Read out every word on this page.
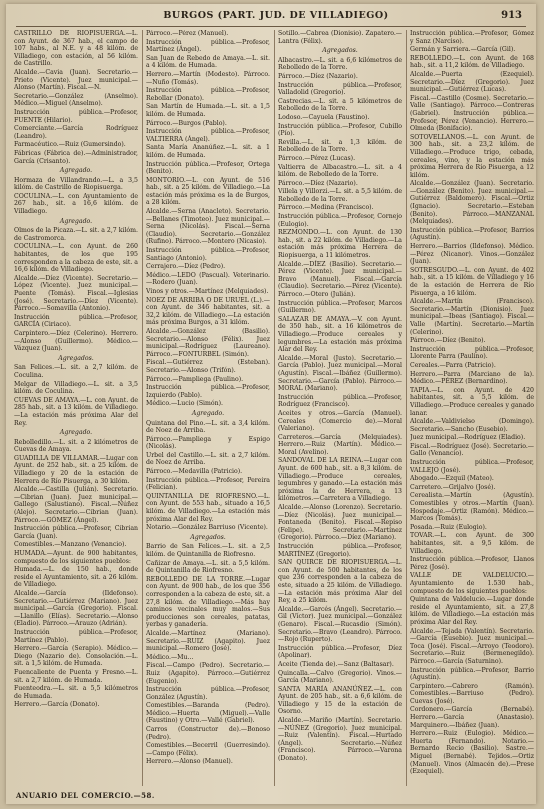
BURGOS (PART. JUD. DE VILLADIEGO)	913

CASTRILLO DE RIOPISUERGA.—L. con Ayunt. de 367 hab., el campo de 107 habs., al N.E. y a 48 kilóm. de Villadiego, con estación, al 56 kilóm. de Castrillo.

Alcalde.—Cavia (Juan). Secretario.—Prieto (Vicente). Juez municipal.—Alonso (Martín). Fiscal.—N.

Secretario.—González (Anselmo). Médico.—Miguel (Anselmo).

Instrucción pública.—Profesor, FUENTE (Hilario).

Comerciante.—García Rodríguez (Leandro).

Farmacéutico.—Ruiz (Gumersindo).

Fábricas (Fábrica de).—Administrador, García (Crisanto).

Agregado.

Hormaza de Villandrando.—L. a 3,5 kilóm. de Castrillo de Riopisuerga.

COCULINA.—L. con Ayuntamiento de 267 hab., sit. a 16,6 kilóm. de Villadiego.

Agregado.

Olmos de la Picaza.—L. sit. a 2,7 kilóm. de Castromorca.

COCULINA.—L. con Ayunt. de 260 habitantes, de los que 195 corresponden a la cabeza de este, sit. a 16,6 kilóm. de Villadiego.

Alcalde.—Díez (Vicente). Secretario.—López (Vicente). Juez municipal.—Puente (Tomás). Fiscal.—Iglesias (José). Secretario.—Díez (Vicente). Párroco.—Somavilla (Antonio).

Instrucción pública.—Profesor, GARCÍA (Ciriaco).

Carpintero.—Díez (Celerino). Herrero.—Alonso (Guillermo). Médico.—Vázquez (Juan).

Agregados.

San Felices.—L. sit. a 2,7 kilóm. de Coculina.

Melgar de Villadiego.—L. sit. a 3,5 kilóm. de Coculina.

CUEVAS DE AMAYA.—L. con Ayunt. de 285 hab., sit. a 13 kilóm. de Villadiego.—La estación más próxima Alar del Rey.

Agregado.

Rebolledillo.—L. sit. a 2 kilómetros de Cuevas de Amaya.

GUADILLA DE VILLAMAR.—Lugar con Ayunt. de 252 hab., sit. a 25 kilóm. de Villadiego y 20 de la estación de Herrera de Río Pisuerga, a 30 kilóm.

Alcalde.—Castilla (Julián). Secretario.—Cibrian (Juan). Juez municipal.—Gallego (Salustiano). Fiscal.—Núñez (Alejo). Secretario.—Cibrian (Juan). Párroco.—GÓMEZ (Ángel).

Instrucción pública.—Profesor, Cibrian García (Juan).

Comestibles.—Manzano (Venancio).

HUMADA.—Ayunt. de 900 habitantes, compuesto de los siguientes pueblos:

Humada.—L. de 150 hab., donde reside el Ayuntamiento, sit. a 26 kilóm. de Villadiego.

Alcalde.—García (Ildefonso). Secretario.—Gutiérrez (Mariano). Juez municipal.—García (Gregorio). Fiscal.—Llanillo (Elías). Secretario.—Alonso (Eladio). Párroco.—Arauzo (Adrián).

Instrucción pública.—Profesor, Martínez (Pablo).

Herrero.—García (Serapio). Médico.—Diego (Nazario de). Consolación.—L. sit. a 1,5 kilóm. de Humada.

Fuencaliente de Puenta y Fresno.—L. sit. a 2,7 kilóm. de Humada.

Fuenteodra.—L. sit. a 5,5 kilómetros de Humada.

Herrero.—García (Donato).

Párroco.—Pérez (Manuel).

Instrucción pública.—Profesor, Martínez (Ángel).

San Juan de Rebedo de Amaya.—L. sit. a 4 kilóm. de Humada.

Herrero.—Martín (Modesto). Párroco.—Nuño (Tomás).

Instrucción pública.—Profesor, Rebollar (Donato).

San Martín de Humada.—L. sit. a 1,5 kilóm. de Humada.

Párroco.—Burgos (Pablo).

Instrucción pública.—Profesor, VALTIERRA (Ángel).

Santa María Ananúñez.—L. sit. a 1 kilóm. de Humada.

Instrucción pública.—Profesor, Ortega (Benito).

MONTORIO.—L. con Ayunt. de 516 hab., sit. a 25 kilóm. de Villadiego.—La estación más próxima es la de Burgos, a 28 kilóm.

Alcalde.—Serna (Anacleto). Secretario.—Bellanes (Timoteo). Juez municipal.—Serna (Nicolás). Fiscal.—Serna (Claudio). Secretario.—González (Rufino). Párroco.—Montero (Nicasio).

Instrucción pública.—Profesor, Santiago (Antonio).

Cerrajero.—Díez (Pedro).

Médico.—LEDO (Pascual). Veterinario.—Rodero (Juan).

Vinos y otros.—Martínez (Melquiades).

NOEZ DE ARRIBA O DE URUEL (L.).—con Ayunt. de 346 habitantes, sit. a 32,2 kilóm. de Villadiego.—La estación más próxima Burgos, a 31 kilóm.

Alcalde.—González (Basilio). Secretario.—Alonso (Félix). Juez municipal.—Rodríguez (Laureano). Párroco.—FONTURBEL (Simón).

Fiscal.—Gutiérrez (Esteban). Secretario.—Alonso (Trifón).

Párroco.—Pampliega (Paulino).

Instrucción pública.—Profesor, Izquierdo (Pablo).

Médico.—Lucio (Simón).

Agregado.

Quintana del Pino.—L. sit. a 3,4 kilóm. de Noez de Arriba.

Párroco.—Pampliega y Espigo (Nicolás).

Urbel del Castillo.—L. sit. a 2,7 kilóm. de Noez de Arriba.

Párroco.—Medavilla (Patricio).

Instrucción pública.—Profesor, Pereira (Felician).

QUINTANILLA DE RIOFRESNO.—L. con Ayunt. de 553 hab., situado a 16,5 kilóm. de Villadiego.—La estación más próxima Alar del Rey.

Notario.—González Barriuso (Vicente).

Agregados.

Barrio de San Felices.—L. sit. a 2,5 kilóm. de Quintanilla de Riofresno.

Cañizar de Amaya.—L. sit. a 5,5 kilóm. de Quintanilla de Riofresno.

REBOLLEDO DE LA TORRE.—Lugar con Ayunt. de 900 hab., de los que 356 corresponden a la cabeza de este, sit. a 27,8 kilóm. de Villadiego.—Más hay caminos vecinales muy malos.—Sus producciones son cereales, patatas, yerbas y ganadería.

Alcalde.—Martínez (Mariano). Secretario.—RUIZ (Agapito). Juez municipal.—Romero (José).

Médico.—Mu...

Fiscal.—Campo (Pedro). Secretario.—Ruiz (Agapito). Párroco.—Gutiérrez (Eugenio).

Instrucción pública.—Profesor, González (Agustín).

Comestibles.—Baranda (Pedro). Médico.—Huerta (Miguel).—Valle (Faustino) y Otro.—Vallé (Gabriel).

Carros (Constructor de).—Bonoso (Pedro).

Comestibles.—Becerril (Guerresindo).—Campo (Félix).

Herrero.—Alonso (Manuel).

Sotillo.—Cabrea (Dionisio). Zapatero.—Lantra (Félix).

Agregados.

Albacastro.—L. sit. a 6,6 kilómetros de Rebolledo de la Torre.

Párroco.—Díez (Nazario).

Instrucción pública.—Profesor, Valladolid (Gregorio).

Castrecias.—L. sit. a 5 kilómetros de Rebolledo de la Torre.

Lodoso.—Cayuela (Faustino).

Instrucción pública.—Profesor, Cubillo (Pío).

Revilla.—L. sit. a 1,3 kilóm. de Rebolledo de la Torre.

Párroco.—Pérez (Lucas).

Valtierra de Albacastro.—L. sit. a 4 kilóm. de Rebolledo de la Torre.

Párroco.—Díez (Nazario).

Villela y Villorzi.—L. sit. a 5,5 kilóm. de Rebolledo de la Torre.

Párroco.—Medina (Francisco).

Instrucción pública.—Profesor, Cornejo (Eulogio).

REZMONDO.—L. con Ayunt. de 130 hab., sit. a 22 kilóm. de Villadiego.—La estación más próxima Herrera de Riopisuerga, a 11 kilómetros.

Alcalde.—DÍEZ (Basilio). Secretario.—Pérez (Vicente). Juez municipal.—Bravo (Manuel). Fiscal.—García (Claudio). Secretario.—Pérez (Vicente). Párroco.—Otero (Julián).

Instrucción pública.—Profesor, Marcos (Guillermo).

SALAZAR DE AMAYA.—V. con Ayunt. de 350 hab., sit. a 16 kilómetros de Villadiego.—Produce cereales y legumbres.—La estación más próxima Alar del Rey.

Alcalde.—Moral (Justo). Secretario.—García (Pablo). Juez municipal.—Moral (Agustín). Fiscal.—Ibáñez (Guillermo). Secretario.—García (Pablo). Párroco.—MORAL (Mariano).

Instrucción pública.—Profesor, Rodríguez (Francisco).

Aceites y otros.—García (Manuel). Cereales (Comercio de).—Moral (Valeriano).

Carreteros.—García (Melquiades). Herrero.—Ruiz (Martín). Médico.—Moral (Avelino).

SANDOVAL DE LA REINA.—Lugar con Ayunt. de 600 hab., sit. a 8,3 kilóm. de Villadiego.—Produce cereales, legumbres y ganado.—La estación más próxima la de Herrera, a 13 kilómetros.—Carretera a Villadiego.

Alcalde.—Alonso (Lorenzo). Secretario.—Díez (Nicolás). Juez municipal.—Fontaneda (Benito). Fiscal.—Repiso (Felipe). Secretario.—Martínez (Gregorio). Párroco.—Díez (Mariano).

Instrucción pública.—Profesor, MARTÍNEZ (Gregorio).

SAN QUIRCE DE RIOPISUERGA.—L. con Ayunt. de 500 habitantes, de los que 236 corresponden a la cabeza de este, situado a 25 kilóm. de Villadiego.—La estación más próxima Alar del Rey, a 25 kilóm.

Alcalde.—Garcés (Ángel). Secretario.—Gil (Víctor). Juez municipal.—González (Genaro). Fiscal.—Rucasdio (Simón). Secretario.—Bravo (Leandro). Párroco.—Rojo (Ruperto).

Instrucción pública.—Profesor, Díez (Apolinar).

Aceite (Tienda de).—Sanz (Baltasar).

Quincalla.—Calvo (Gregorio). Vinos.—García (Mariano).

SANTA MARÍA ANANÚÑEZ.—L. con Ayunt. de 205 hab., sit. a 6,6 kilóm. de Villadiego y 15 de la estación de Osorno.

Alcalde.—Mariño (Martín). Secretario.—NÚÑEZ (Gregorio). Juez municipal.—Ruiz (Valentín). Fiscal.—Hurtado (Ángel). Secretario.—Núñez (Francisco). Párroco.—Varona (Donato).

Instrucción pública.—Profesor, Gómez y Sanz (Narciso).

Germán y Sarriera.—García (Gil).

REBOLLEDO.—L. con Ayunt. de 168 hab., sit. a 11,2 kilóm. de Villadiego.

Alcalde.—Puerta (Ezequiel). Secretario.—Díez (Gregorio). Juez municipal.—Gutiérrez (Lucas).

Fiscal.—Castillo (Cosme). Secretario.—Valle (Santiago). Párroco.—Contreras (Gabriel). Instrucción pública.—Profesor, Pérez (Venancio). Herrero.—Olmeda (Bonifacio).

SOTOVELLANOS.—L. con Ayunt. de 300 hab., sit. a 23,2 kilóm. de Villadiego.—Produce trigo, cebada, cereales, vino, y la estación más próxima Herrera de Río Pisuerga, a 12 kilóm.

Alcalde.—González (Juan). Secretario.—González (Benito). Juez municipal.—Gutiérrez (Baldomero). Fiscal.—Ortiz (Ignacio). Secretario.—Esteban (Benito). Párroco.—MANZANAL (Melquiades).

Instrucción pública.—Profesor, Barrios (Agustín).

Herrero.—Barrios (Ildefonso). Médico.—Pérez (Nicanor). Vinos.—González (Juan).

SOTRESGUDO.—L. con Ayunt. de 402 hab., sit. a 15 kilóm. de Villadiego y 16 de la estación de Herrera de Río Pisuerga, a 16 kilóm.

Alcalde.—Martín (Francisco). Secretario.—Martín (Dionisio). Juez municipal.—Ibeas (Santiago). Fiscal.—Valle (Martín). Secretario.—Martín (Celerino).

Párroco.—Díez (Benito).

Instrucción pública.—Profesor, Llorente Parra (Paulino).

Cereales.—Parra (Patricio).

Herrero.—Parra (Marciano de la). Médico.—PÉREZ (Bernardino).

TAPIA.—L. con Ayunt. de 420 habitantes, sit. a 5,5 kilóm. de Villadiego.—Produce cereales y ganado lanar.

Alcalde.—Valdivielso (Domingo). Secretario.—Sancho (Eusebio).

Juez municipal.—Rodríguez (Eladio).

Fiscal.—Rodríguez (José). Secretario.—Gallo (Venancio).

Instrucción pública.—Profesor, VALLEJO (José).

Abogado.—Ezquil (Mateo).

Carretero.—Grijalvo (José).

Cerealista.—Martín (Agustín). Comestibles y otros.—Martín (Juan). Hospedaje.—Ortiz (Ramón). Médico.—Marcos (Tomás).

Posada.—Ruiz (Eulogio).

TOVAR.—L. con Ayunt. de 300 habitantes, sit. a 9,5 kilóm. de Villadiego.

Instrucción pública.—Profesor, Llanos Pérez (José).

VALLE DE VALDELUCIO.—Ayuntamiento de 1.530 hab., compuesto de los siguientes pueblos:

Quintana de Valdelucio.—Lugar donde reside el Ayuntamiento, sit. a 27,8 kilóm. de Villadiego.—La estación más próxima Alar del Rey.

Alcalde.—Tejada (Valentín). Secretario.—García (Eusebio). Juez municipal.—Toca (José). Fiscal.—Arroyo (Teodoro). Secretario.—Ruiz (Bermenegildo). Párroco.—García (Saturnino).

Instrucción pública.—Profesor, Barrio (Agustín).

Carpintero.—Cabrero (Ramón). Comestibles.—Barriuso (Pedro). Cuevas (José).

Cordonero.—García (Bernabé). Herrero.—García (Anastasio). Marquinero.—Ibáñez (Juan).

Herrero.—Ruiz (Eulogio). Médico.—Huerta (Fernando). Notario.—Bernardo Recio (Basilio). Sastre.—Miguel (Bernabé). Tejidos.—Ortiz (Manuel). Vinos (Almacén de).—Prese (Ezequiel).

ANUARIO DEL COMERCIO.—58.
